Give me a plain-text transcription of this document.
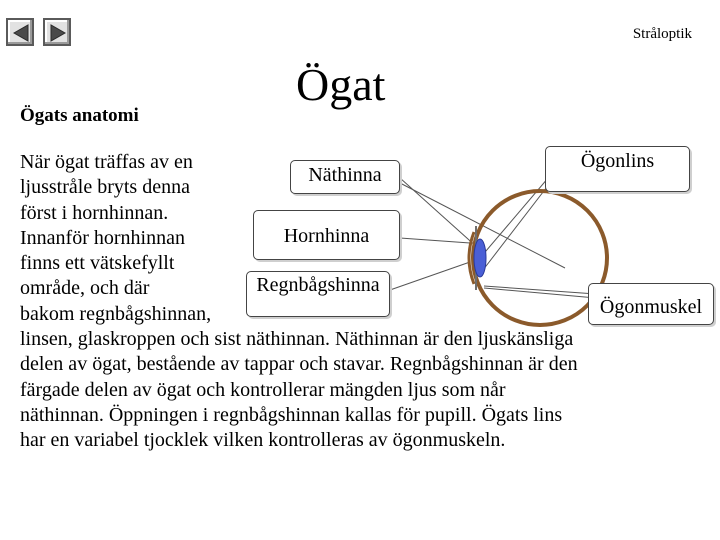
Stråloptik
Ögat
Ögats anatomi
Näthinna
Hornhinna
Regnbågshinna
Ögonlins
Ögonmuskel

När ögat träffas av en
ljusstråle bryts denna
först i hornhinnan.
Innanför hornhinnan
finns ett vätskefyllt
område, och där
bakom regnbågshinnan,
linsen, glaskroppen och sist näthinnan. Näthinnan är den ljuskänsliga
delen av ögat, bestående av tappar och stavar. Regnbågshinnan är den
färgade delen av ögat och kontrollerar mängden ljus som når
näthinnan. Öppningen i regnbågshinnan kallas för pupill. Ögats lins
har en variabel tjocklek vilken kontrolleras av ögonmuskeln.
